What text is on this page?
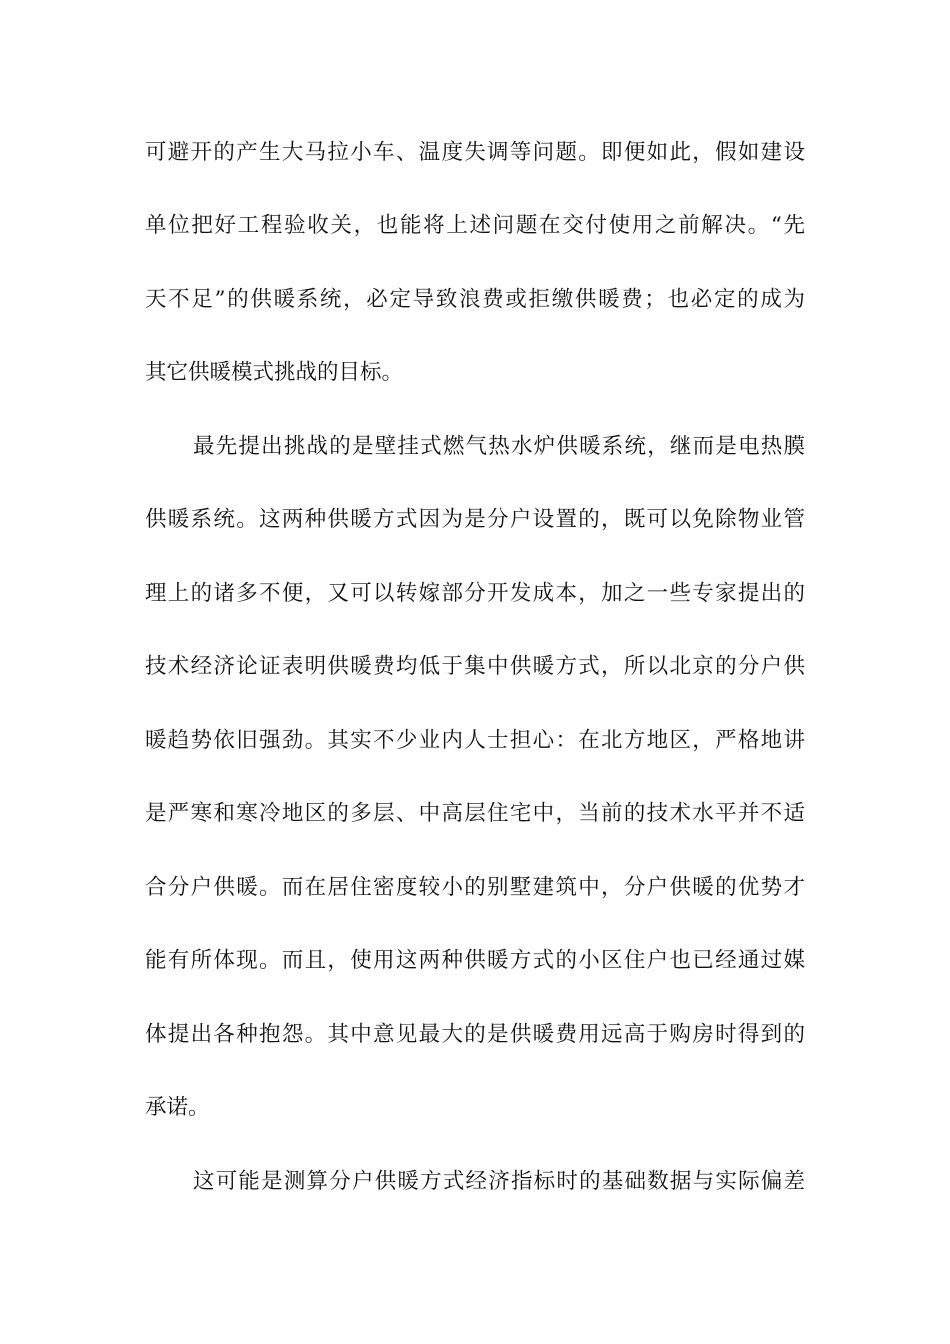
可避开的产生大马拉小车、温度失调等问题。即便如此，假如建设
单位把好工程验收关，也能将上述问题在交付使用之前解决。“先
天不足”的供暖系统，必定导致浪费或拒缴供暖费；也必定的成为
其它供暖模式挑战的目标。
最先提出挑战的是壁挂式燃气热水炉供暖系统，继而是电热膜
供暖系统。这两种供暖方式因为是分户设置的，既可以免除物业管
理上的诸多不便，又可以转嫁部分开发成本，加之一些专家提出的
技术经济论证表明供暖费均低于集中供暖方式，所以北京的分户供
暖趋势依旧强劲。其实不少业内人士担心：在北方地区，严格地讲
是严寒和寒冷地区的多层、中高层住宅中，当前的技术水平并不适
合分户供暖。而在居住密度较小的别墅建筑中，分户供暖的优势才
能有所体现。而且，使用这两种供暖方式的小区住户也已经通过媒
体提出各种抱怨。其中意见最大的是供暖费用远高于购房时得到的
承诺。
这可能是测算分户供暖方式经济指标时的基础数据与实际偏差
